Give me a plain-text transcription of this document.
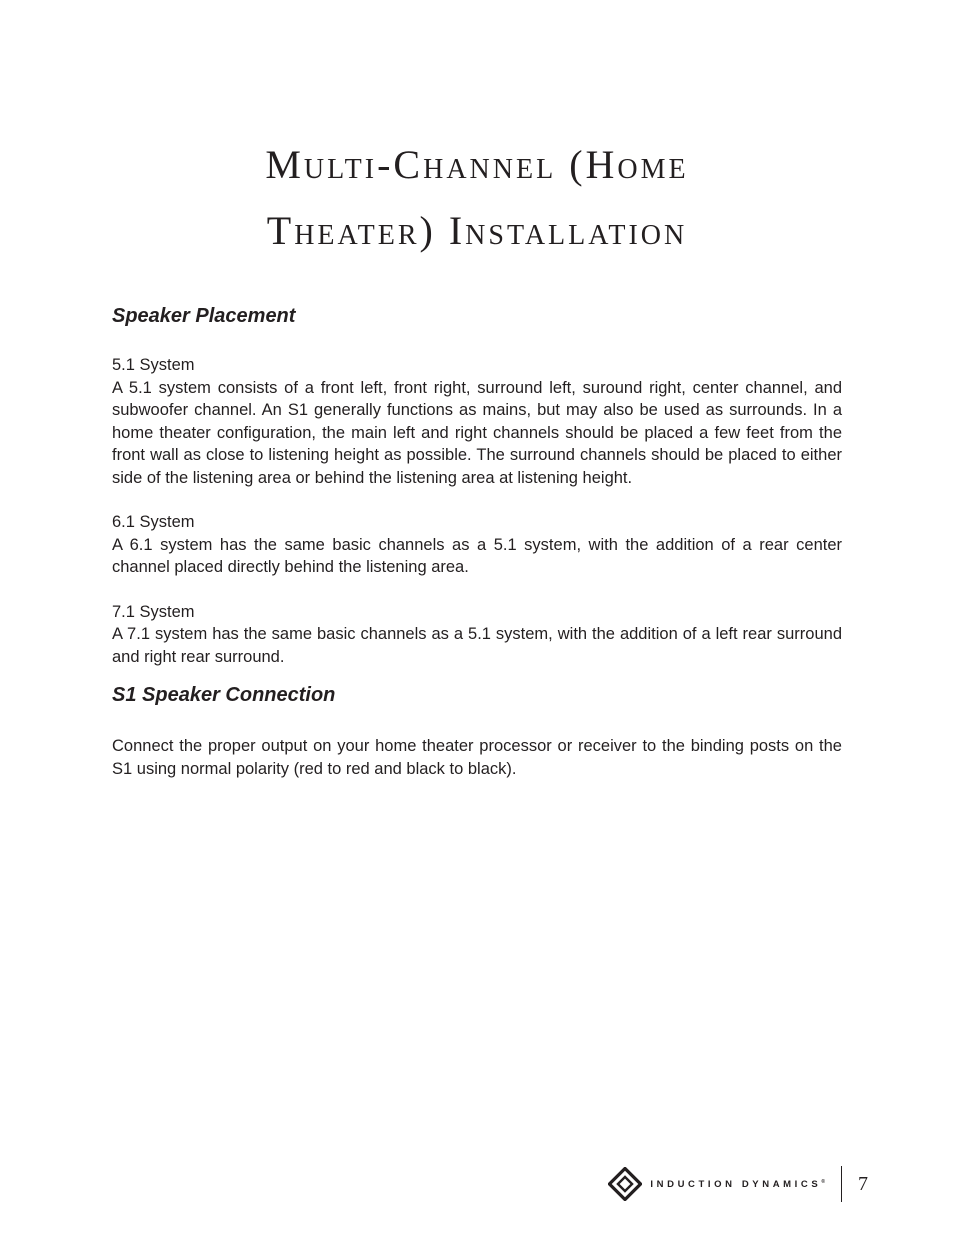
Multi-Channel (Home
Theater) Installation
Speaker Placement
5.1 System

A 5.1 system consists of a front left, front right, surround left, suround right, center channel, and subwoofer channel. An S1 generally functions as mains, but may also be used as surrounds. In a home theater configuration, the main left and right channels should be placed a few feet from the front wall as close to listening height as possible. The surround channels should be placed to either side of the listening area or behind the listening area at listening height.

6.1 System

A 6.1 system has the same basic channels as a 5.1 system, with the addition of a rear center channel placed directly behind the listening area.

7.1 System

A 7.1 system has the same basic channels as a 5.1 system, with the addition of a left rear surround and right rear surround.

S1 Speaker Connection

Connect the proper output on your home theater processor or receiver to the binding posts on the S1 using normal polarity (red to red and black to black).

INDUCTION DYNAMICS® 7
